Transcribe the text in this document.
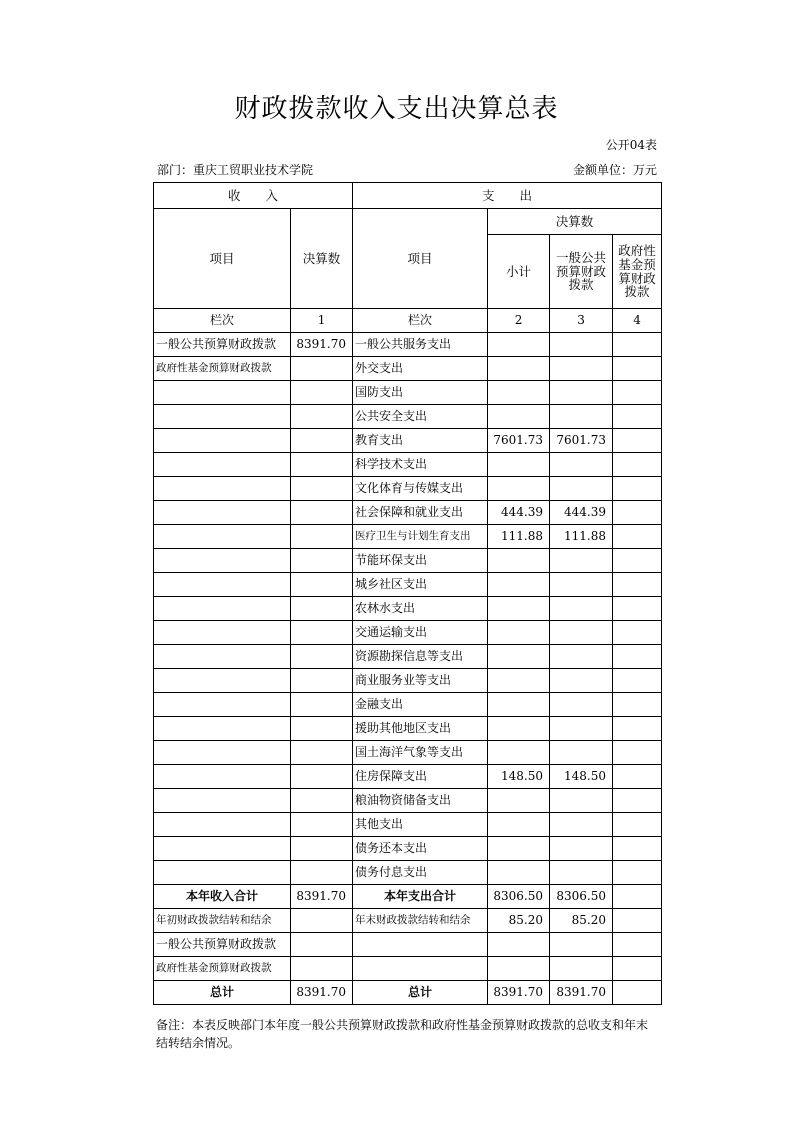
财政拨款收入支出决算总表
公开04表
部门：重庆工贸职业技术学院	金额单位：万元
收　　入		支　　出			
项目	决算数	项目	决算数		
			小计	一般公共预算财政拨款	政府性基金预算财政拨款
栏次	1	栏次	2	3	4
一般公共预算财政拨款	8391.70	一般公共服务支出			
政府性基金预算财政拨款		外交支出			
		国防支出			
		公共安全支出			
		教育支出	7601.73	7601.73	
		科学技术支出			
		文化体育与传媒支出			
		社会保障和就业支出	444.39	444.39	
		医疗卫生与计划生育支出	111.88	111.88	
		节能环保支出			
		城乡社区支出			
		农林水支出			
		交通运输支出			
		资源勘探信息等支出			
		商业服务业等支出			
		金融支出			
		援助其他地区支出			
		国土海洋气象等支出			
		住房保障支出	148.50	148.50	
		粮油物资储备支出			
		其他支出			
		债务还本支出			
		债务付息支出			
本年收入合计	8391.70	本年支出合计	8306.50	8306.50	
年初财政拨款结转和结余		年末财政拨款结转和结余	85.20	85.20	
一般公共预算财政拨款					
政府性基金预算财政拨款					
总计	8391.70	总计	8391.70	8391.70	
备注：本表反映部门本年度一般公共预算财政拨款和政府性基金预算财政拨款的总收支和年末结转结余情况。
